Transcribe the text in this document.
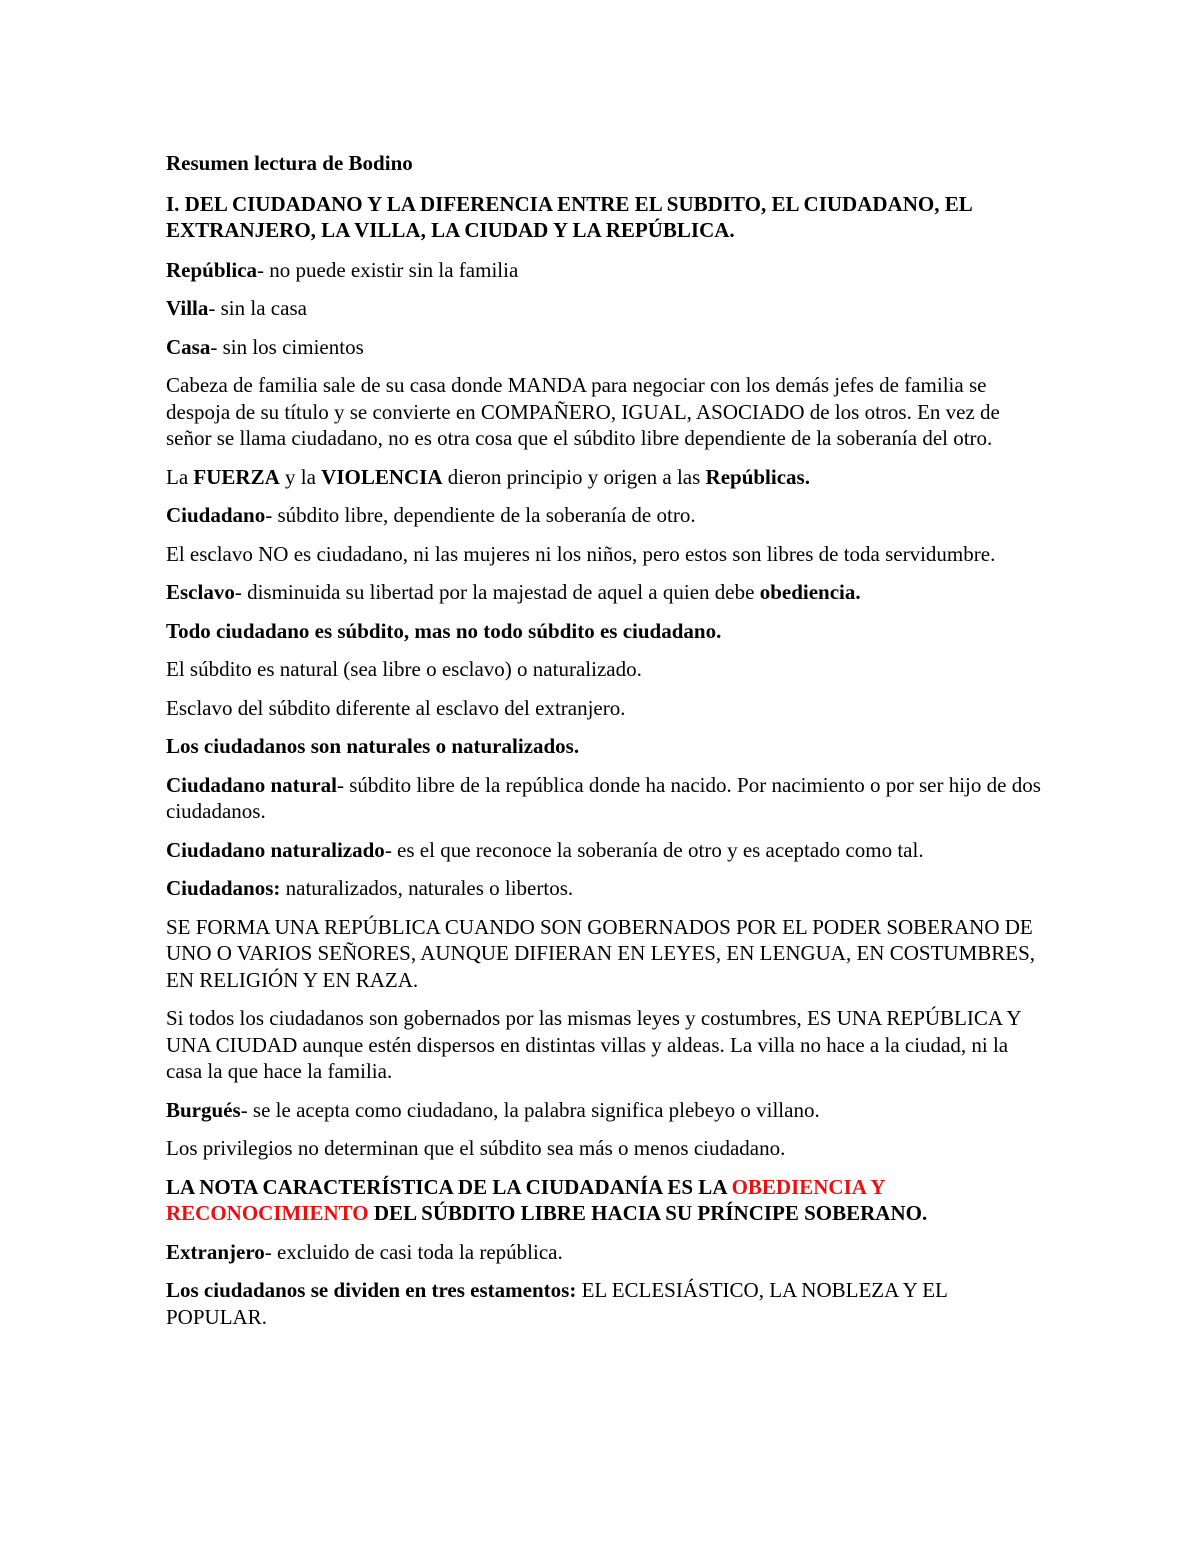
Resumen lectura de Bodino

I. DEL CIUDADANO Y LA DIFERENCIA ENTRE EL SUBDITO, EL CIUDADANO, EL EXTRANJERO, LA VILLA, LA CIUDAD Y LA REPÚBLICA.

República- no puede existir sin la familia

Villa- sin la casa

Casa- sin los cimientos

Cabeza de familia sale de su casa donde MANDA para negociar con los demás jefes de familia se despoja de su título y se convierte en COMPAÑERO, IGUAL, ASOCIADO de los otros. En vez de señor se llama ciudadano, no es otra cosa que el súbdito libre dependiente de la soberanía del otro.

La FUERZA y la VIOLENCIA dieron principio y origen a las Repúblicas.

Ciudadano- súbdito libre, dependiente de la soberanía de otro.

El esclavo NO es ciudadano, ni las mujeres ni los niños, pero estos son libres de toda servidumbre.

Esclavo- disminuida su libertad por la majestad de aquel a quien debe obediencia.

Todo ciudadano es súbdito, mas no todo súbdito es ciudadano.

El súbdito es natural (sea libre o esclavo) o naturalizado.

Esclavo del súbdito diferente al esclavo del extranjero.

Los ciudadanos son naturales o naturalizados.

Ciudadano natural- súbdito libre de la república donde ha nacido. Por nacimiento o por ser hijo de dos ciudadanos.

Ciudadano naturalizado- es el que reconoce la soberanía de otro y es aceptado como tal.

Ciudadanos: naturalizados, naturales o libertos.

SE FORMA UNA REPÚBLICA CUANDO SON GOBERNADOS POR EL PODER SOBERANO DE UNO O VARIOS SEÑORES, AUNQUE DIFIERAN EN LEYES, EN LENGUA, EN COSTUMBRES, EN RELIGIÓN Y EN RAZA.

Si todos los ciudadanos son gobernados por las mismas leyes y costumbres, ES UNA REPÚBLICA Y UNA CIUDAD aunque estén dispersos en distintas villas y aldeas. La villa no hace a la ciudad, ni la casa la que hace la familia.

Burgués- se le acepta como ciudadano, la palabra significa plebeyo o villano.

Los privilegios no determinan que el súbdito sea más o menos ciudadano.

LA NOTA CARACTERÍSTICA DE LA CIUDADANÍA ES LA OBEDIENCIA Y RECONOCIMIENTO DEL SÚBDITO LIBRE HACIA SU PRÍNCIPE SOBERANO.

Extranjero- excluido de casi toda la república.

Los ciudadanos se dividen en tres estamentos: EL ECLESIÁSTICO, LA NOBLEZA Y EL POPULAR.
